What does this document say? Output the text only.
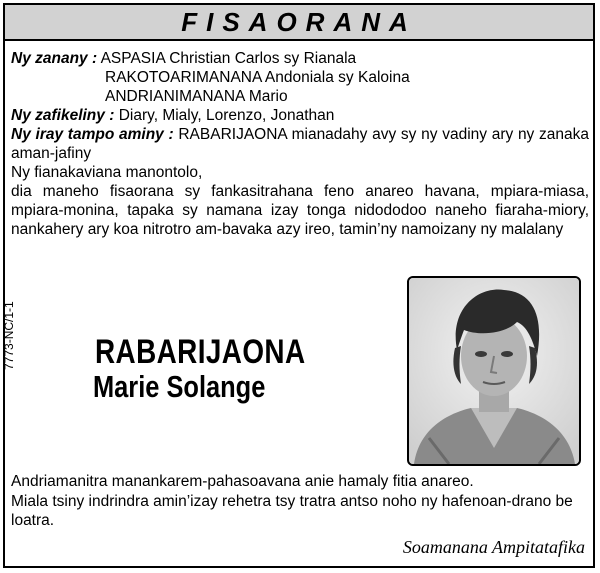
FISAORANA
Ny zanany : ASPASIA Christian Carlos sy Rianala
RAKOTOARIMANANA Andoniala sy Kaloina
ANDRIANIMANANA Mario
Ny zafikeliny : Diary, Mialy, Lorenzo, Jonathan
Ny iray tampo aminy : RABARIJAONA mianadahy avy sy ny vadiny ary ny zanaka aman-jafiny
Ny fianakaviana manontolo,
dia maneho fisaorana sy fankasitrahana feno anareo havana, mpiara-miasa, mpiara-monina, tapaka sy namana izay tonga nidododoo naneho fiaraha-miory, nankahery ary koa nitrotro am-bavaka azy ireo, tamin’ny namoizany ny malalany
7773-NC/1-1 RABARIJAONA
Marie Solange
Andriamanitra manankarem-pahasoavana anie hamaly fitia anareo.
Miala tsiny indrindra amin’izay rehetra tsy tratra antso noho ny hafenoan-drano be loatra.
Soamanana Ampitatafika
